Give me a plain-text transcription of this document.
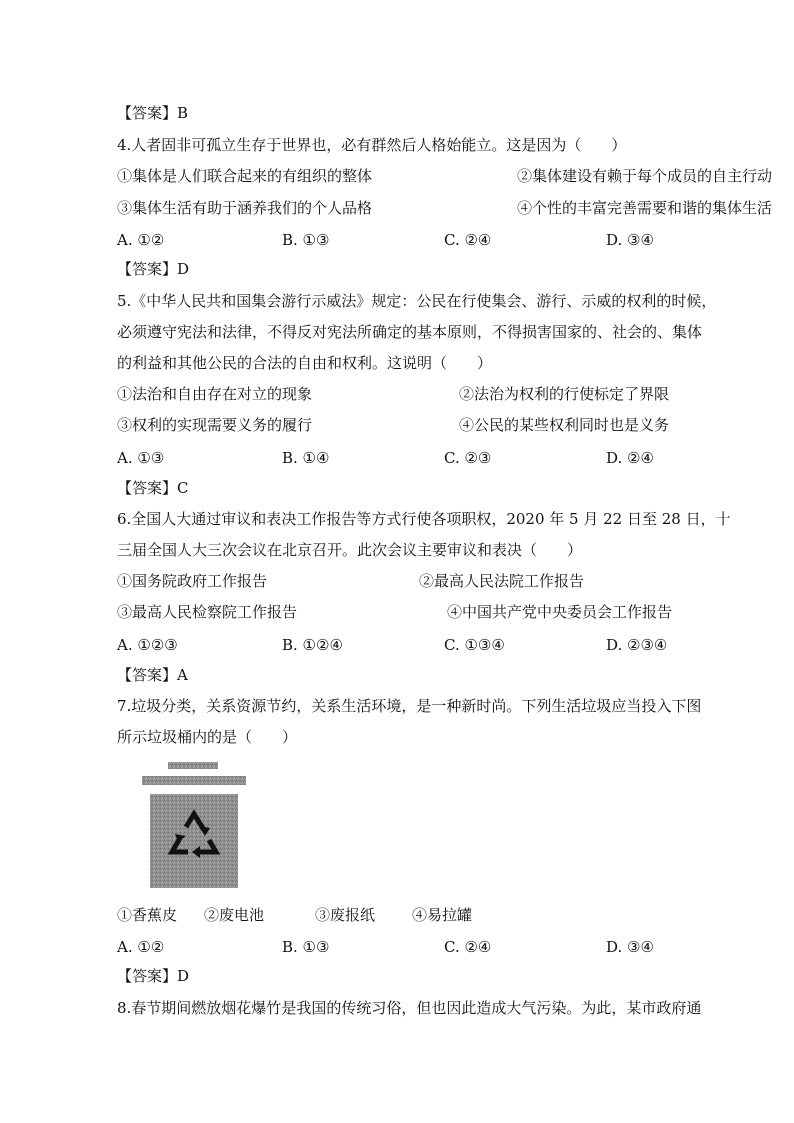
【答案】B
4.人者固非可孤立生存于世界也，必有群然后人格始能立。这是因为（　　）
①集体是人们联合起来的有组织的整体	②集体建设有赖于每个成员的自主行动
③集体生活有助于涵养我们的个人品格	④个性的丰富完善需要和谐的集体生活
A. ①②	B. ①③	C. ②④	D. ③④
【答案】D
5.《中华人民共和国集会游行示威法》规定：公民在行使集会、游行、示威的权利的时候，
必须遵守宪法和法律，不得反对宪法所确定的基本原则，不得损害国家的、社会的、集体
的利益和其他公民的合法的自由和权利。这说明（　　）
①法治和自由存在对立的现象	②法治为权利的行使标定了界限
③权利的实现需要义务的履行	④公民的某些权利同时也是义务
A. ①③	B. ①④	C. ②③	D. ②④
【答案】C
6.全国人大通过审议和表决工作报告等方式行使各项职权，2020 年 5 月 22 日至 28 日，十
三届全国人大三次会议在北京召开。此次会议主要审议和表决（　　）
①国务院政府工作报告	②最高人民法院工作报告
③最高人民检察院工作报告	④中国共产党中央委员会工作报告
A. ①②③	B. ①②④	C. ①③④	D. ②③④
【答案】A
7.垃圾分类，关系资源节约，关系生活环境，是一种新时尚。下列生活垃圾应当投入下图
所示垃圾桶内的是（　　）
①香蕉皮 ②废电池	③废报纸 ④易拉罐
A. ①②	B. ①③	C. ②④	D. ③④
【答案】D
8.春节期间燃放烟花爆竹是我国的传统习俗，但也因此造成大气污染。为此，某市政府通
